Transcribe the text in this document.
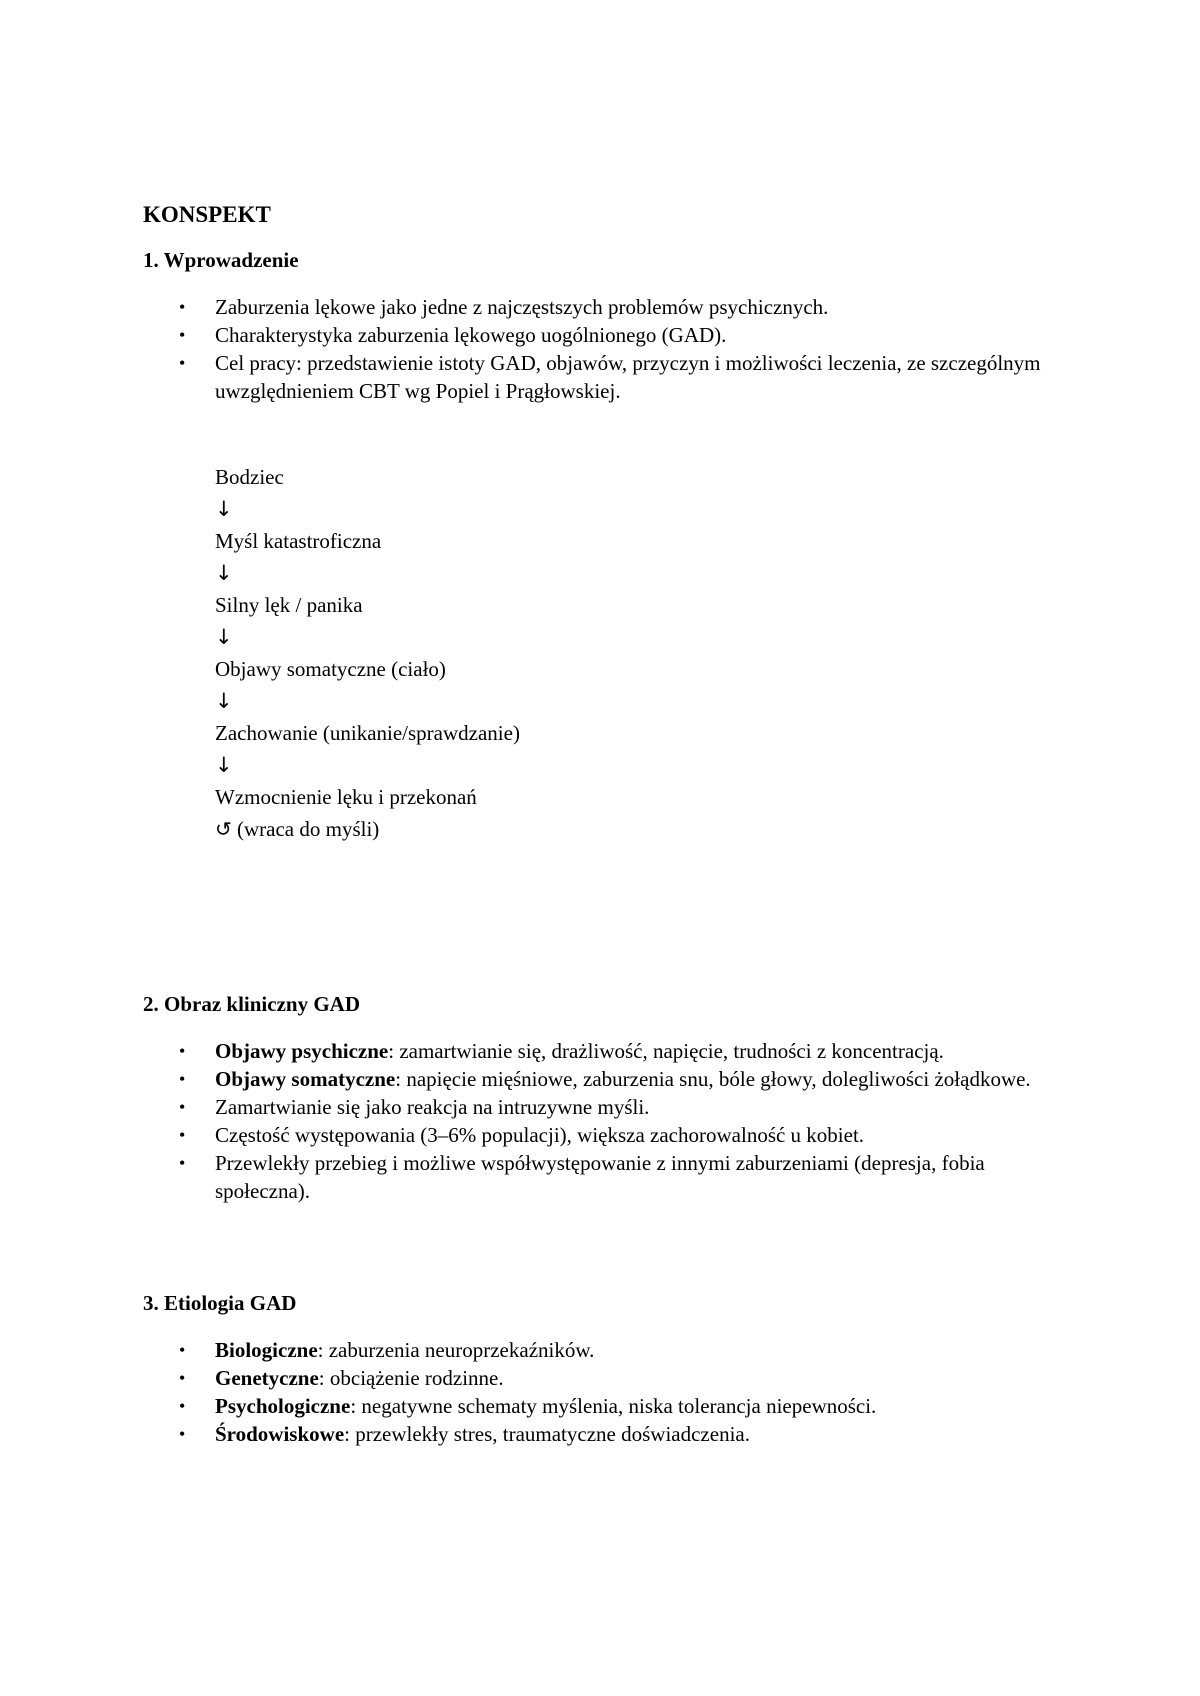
KONSPEKT
1. Wprowadzenie
• Zaburzenia lękowe jako jedne z najczęstszych problemów psychicznych.
• Charakterystyka zaburzenia lękowego uogólnionego (GAD).
• Cel pracy: przedstawienie istoty GAD, objawów, przyczyn i możliwości leczenia, ze szczególnym uwzględnieniem CBT wg Popiel i Prągłowskiej.
Bodziec
↓
Myśl katastroficzna
↓
Silny lęk / panika
↓
Objawy somatyczne (ciało)
↓
Zachowanie (unikanie/sprawdzanie)
↓
Wzmocnienie lęku i przekonań
↺ (wraca do myśli)
2. Obraz kliniczny GAD
• Objawy psychiczne: zamartwianie się, drażliwość, napięcie, trudności z koncentracją.
• Objawy somatyczne: napięcie mięśniowe, zaburzenia snu, bóle głowy, dolegliwości żołądkowe.
• Zamartwianie się jako reakcja na intruzywne myśli.
• Częstość występowania (3–6% populacji), większa zachorowalność u kobiet.
• Przewlekły przebieg i możliwe współwystępowanie z innymi zaburzeniami (depresja, fobia społeczna).
3. Etiologia GAD
• Biologiczne: zaburzenia neuroprzekaźników.
• Genetyczne: obciążenie rodzinne.
• Psychologiczne: negatywne schematy myślenia, niska tolerancja niepewności.
• Środowiskowe: przewlekły stres, traumatyczne doświadczenia.
